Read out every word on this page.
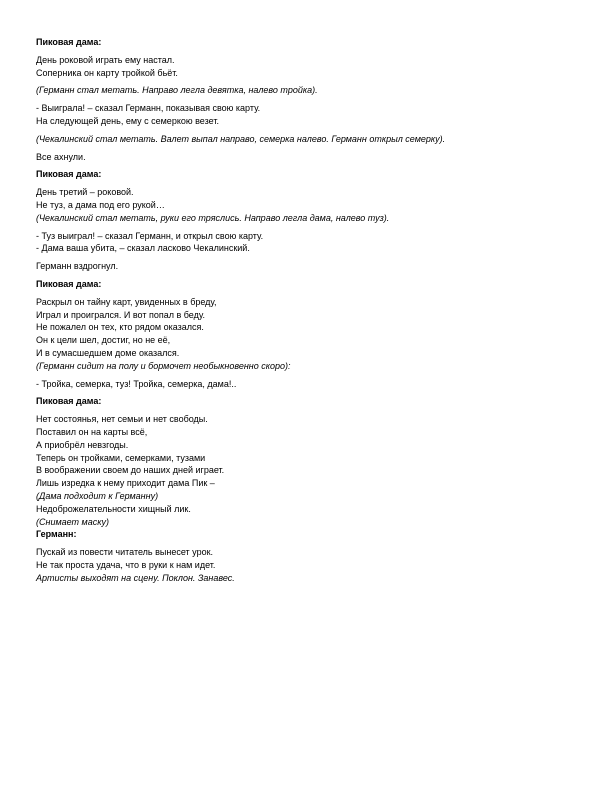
Пиковая дама:
День роковой играть ему настал.
Соперника он карту тройкой бьёт.
(Германн стал метать. Направо легла девятка, налево тройка).
- Выиграла! – сказал Германн, показывая свою карту.
На следующей день, ему с семеркою везет.
(Чекалинский стал метать. Валет выпал направо, семерка налево. Германн открыл семерку).
Все ахнули.
Пиковая дама:
День третий – роковой.
Не туз, а дама под его рукой…
(Чекалинский стал метать, руки его тряслись. Направо легла дама, налево туз).
- Туз выиграл! – сказал Германн, и открыл свою карту.
- Дама ваша убита, – сказал ласково Чекалинский.
Германн вздрогнул.
Пиковая дама:
Раскрыл он тайну карт, увиденных в бреду,
Играл и проигрался. И вот попал в беду.
Не пожалел он тех, кто рядом оказался.
Он к цели шел, достиг, но не её,
И в сумасшедшем доме оказался.
(Германн сидит на полу и бормочет необыкновенно скоро):
- Тройка, семерка, туз! Тройка, семерка, дама!..
Пиковая дама:
Нет состоянья, нет семьи и нет свободы.
Поставил он на карты всё,
А приобрёл невзгоды.
Теперь он тройками, семерками, тузами
В воображении своем до наших дней играет.
Лишь изредка к нему приходит дама Пик –
(Дама подходит к Германну)
Недоброжелательности хищный лик.
(Снимает маску)
Германн:
Пускай из повести читатель вынесет урок.
Не так проста удача, что в руки к нам идет.
Артисты выходят на сцену. Поклон. Занавес.
